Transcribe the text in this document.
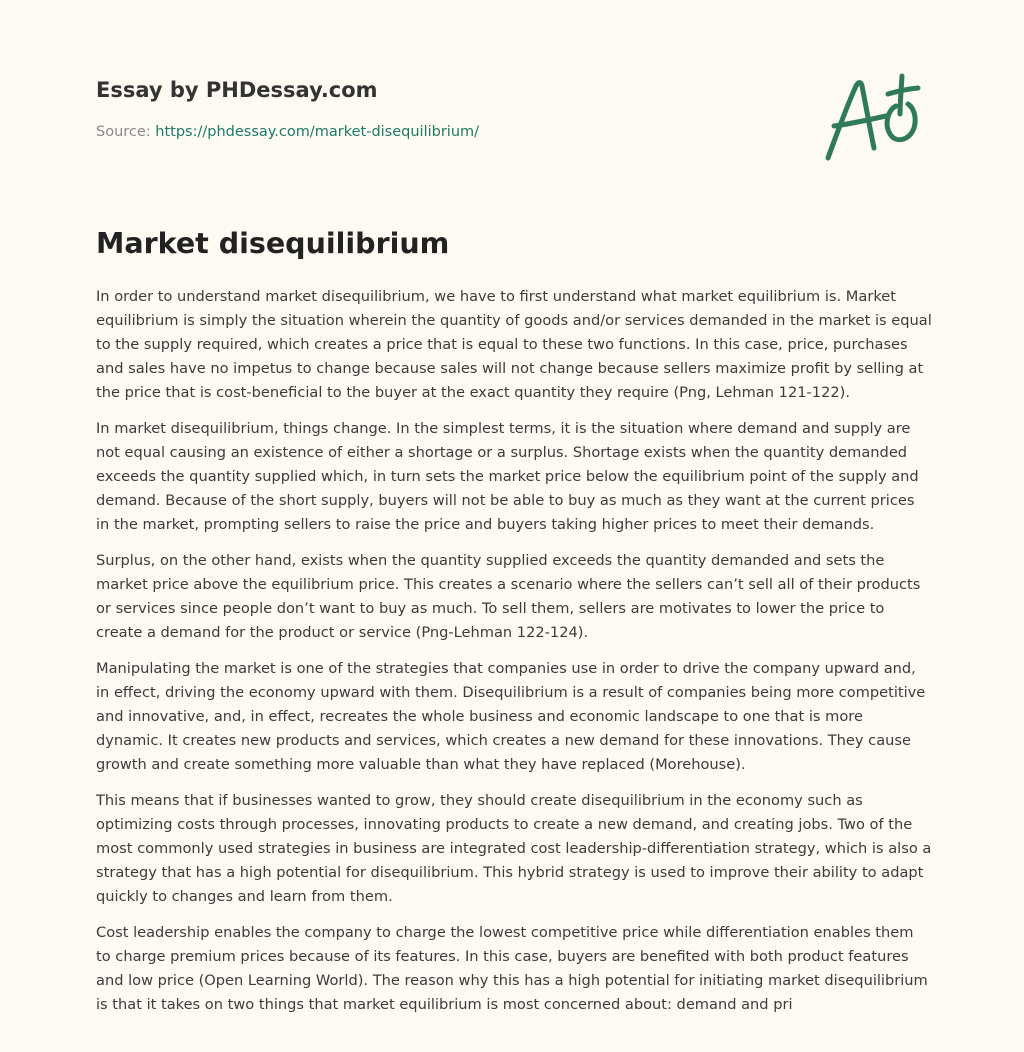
Essay by PHDessay.com
Source: https://phdessay.com/market-disequilibrium/
Market disequilibrium

In order to understand market disequilibrium, we have to first understand what market equilibrium is. Market equilibrium is simply the situation wherein the quantity of goods and/or services demanded in the market is equal to the supply required, which creates a price that is equal to these two functions. In this case, price, purchases and sales have no impetus to change because sales will not change because sellers maximize profit by selling at the price that is cost-beneficial to the buyer at the exact quantity they require (Png, Lehman 121-122).

In market disequilibrium, things change. In the simplest terms, it is the situation where demand and supply are not equal causing an existence of either a shortage or a surplus. Shortage exists when the quantity demanded exceeds the quantity supplied which, in turn sets the market price below the equilibrium point of the supply and demand. Because of the short supply, buyers will not be able to buy as much as they want at the current prices in the market, prompting sellers to raise the price and buyers taking higher prices to meet their demands.

Surplus, on the other hand, exists when the quantity supplied exceeds the quantity demanded and sets the market price above the equilibrium price. This creates a scenario where the sellers can’t sell all of their products or services since people don’t want to buy as much. To sell them, sellers are motivates to lower the price to create a demand for the product or service (Png-Lehman 122-124).

Manipulating the market is one of the strategies that companies use in order to drive the company upward and, in effect, driving the economy upward with them. Disequilibrium is a result of companies being more competitive and innovative, and, in effect, recreates the whole business and economic landscape to one that is more dynamic. It creates new products and services, which creates a new demand for these innovations. They cause growth and create something more valuable than what they have replaced (Morehouse).

This means that if businesses wanted to grow, they should create disequilibrium in the economy such as optimizing costs through processes, innovating products to create a new demand, and creating jobs. Two of the most commonly used strategies in business are integrated cost leadership-differentiation strategy, which is also a strategy that has a high potential for disequilibrium. This hybrid strategy is used to improve their ability to adapt quickly to changes and learn from them.

Cost leadership enables the company to charge the lowest competitive price while differentiation enables them to charge premium prices because of its features. In this case, buyers are benefited with both product features and low price (Open Learning World). The reason why this has a high potential for initiating market disequilibrium is that it takes on two things that market equilibrium is most concerned about: demand and pri
